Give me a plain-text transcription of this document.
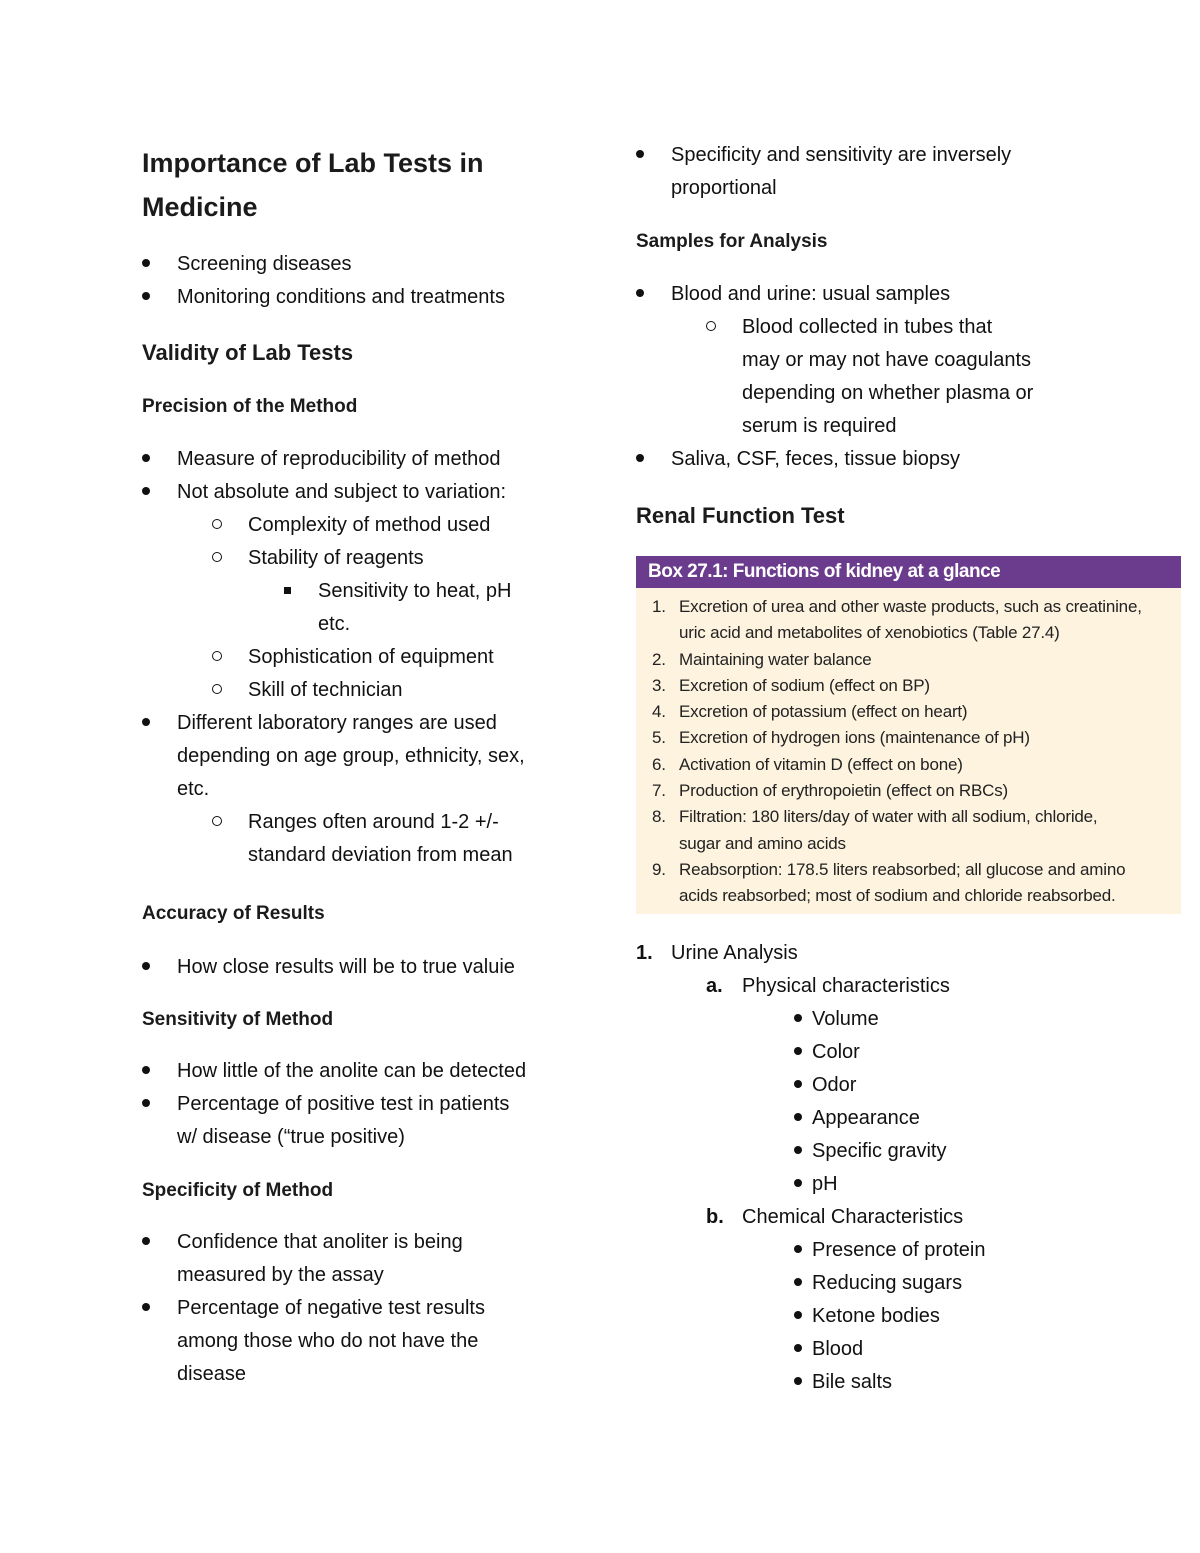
Importance of Lab Tests in Medicine
Screening diseases
Monitoring conditions and treatments
Validity of Lab Tests
Precision of the Method
Measure of reproducibility of method
Not absolute and subject to variation:
Complexity of method used
Stability of reagents
Sensitivity to heat, pH
etc.
Sophistication of equipment
Skill of technician
Different laboratory ranges are used
depending on age group, ethnicity, sex,
etc.
Ranges often around 1-2 +/-
standard deviation from mean
Accuracy of Results
How close results will be to true valuie
Sensitivity of Method
How little of the anolite can be detected
Percentage of positive test in patients
w/ disease (“true positive)
Specificity of Method
Confidence that anoliter is being
measured by the assay
Percentage of negative test results
among those who do not have the
disease
Specificity and sensitivity are inversely
proportional
Samples for Analysis
Blood and urine: usual samples
Blood collected in tubes that
may or may not have coagulants
depending on whether plasma or
serum is required
Saliva, CSF, feces, tissue biopsy
Renal Function Test
1. Urine Analysis
a. Physical characteristics
Volume
Color
Odor
Appearance
Specific gravity
pH
b. Chemical Characteristics
Presence of protein
Reducing sugars
Ketone bodies
Blood
Bile salts
Box 27.1: Functions of kidney at a glance
1. Excretion of urea and other waste products, such as creatinine,
uric acid and metabolites of xenobiotics (Table 27.4)
2. Maintaining water balance
3. Excretion of sodium (effect on BP)
4. Excretion of potassium (effect on heart)
5. Excretion of hydrogen ions (maintenance of pH)
6. Activation of vitamin D (effect on bone)
7. Production of erythropoietin (effect on RBCs)
8. Filtration: 180 liters/day of water with all sodium, chloride,
sugar and amino acids
9. Reabsorption: 178.5 liters reabsorbed; all glucose and amino
acids reabsorbed; most of sodium and chloride reabsorbed.
